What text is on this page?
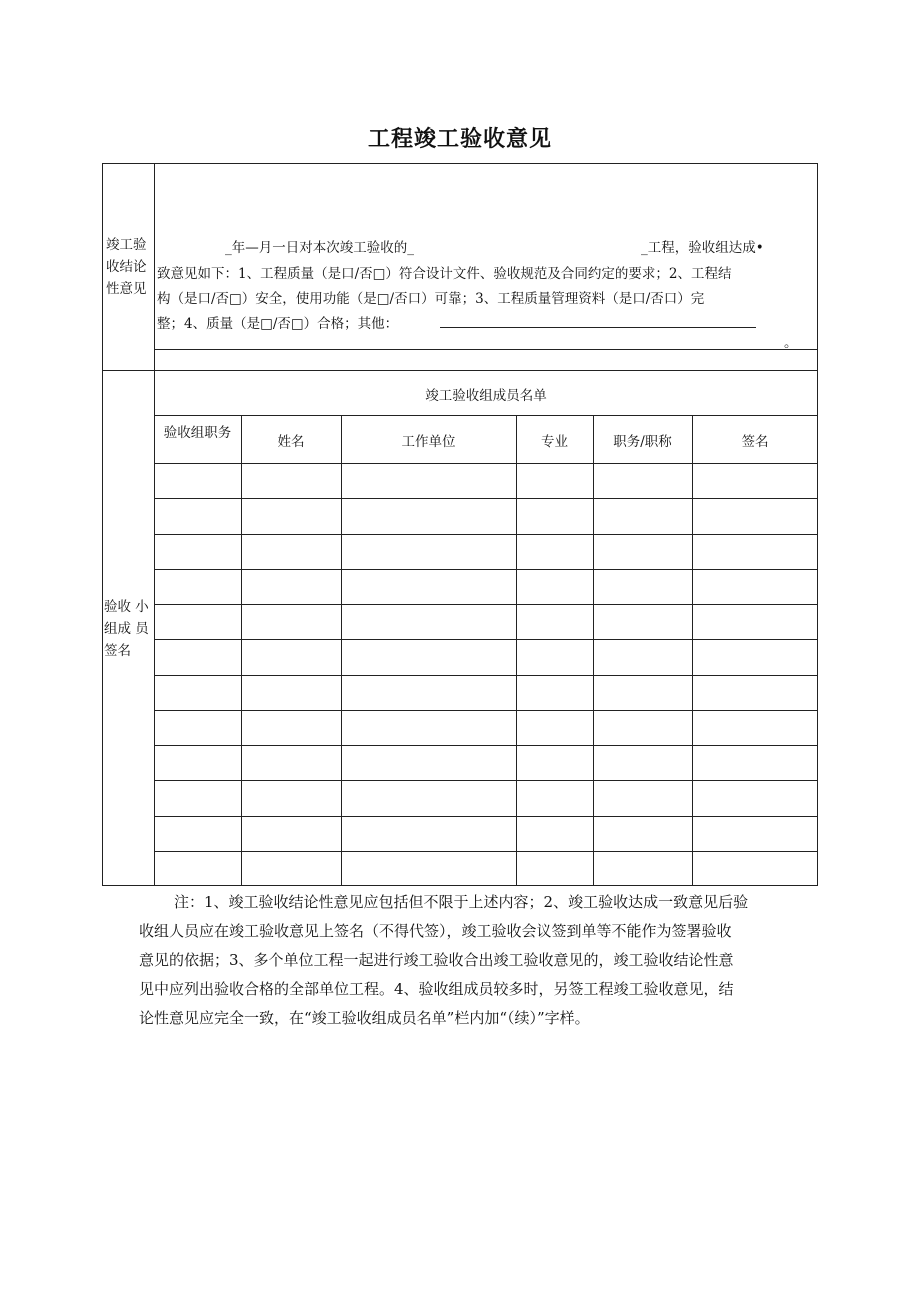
工程竣工验收意见
竣工验
收结论
性意见
_年—月一日对本次竣工验收的_	_工程，验收组达成•
致意见如下：1、工程质量（是口/否□）符合设计文件、验收规范及合同约定的要求；2、工程结
构（是口/否□）安全，使用功能（是□/否口）可靠；3、工程质量管理资料（是口/否口）完
整；4、质量（是□/否□）合格；其他：
。
验收 小
组成 员
签名
竣工验收组成员名单
验收组职务
姓名	工作单位	专业	职务/职称	签名
注：1、竣工验收结论性意见应包括但不限于上述内容；2、竣工验收达成一致意见后验
收组人员应在竣工验收意见上签名（不得代签），竣工验收会议签到单等不能作为签署验收
意见的依据；3、多个单位工程一起进行竣工验收合出竣工验收意见的，竣工验收结论性意
见中应列出验收合格的全部单位工程。4、验收组成员较多时，另签工程竣工验收意见，结
论性意见应完全一致，在“竣工验收组成员名单”栏内加“（续）”字样。
